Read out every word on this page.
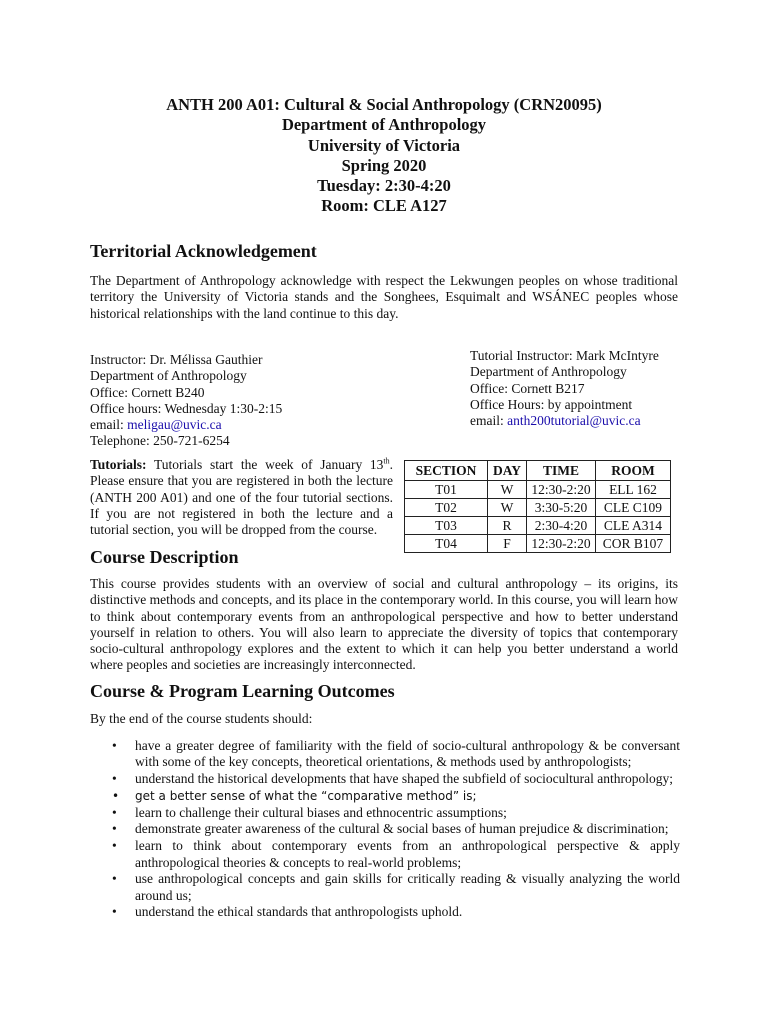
ANTH 200 A01: Cultural & Social Anthropology (CRN20095)
Department of Anthropology
University of Victoria
Spring 2020
Tuesday: 2:30-4:20
Room: CLE A127
Territorial Acknowledgement

The Department of Anthropology acknowledge with respect the Lekwungen peoples on whose traditional territory the University of Victoria stands and the Songhees, Esquimalt and WSÁNEC peoples whose historical relationships with the land continue to this day.

Instructor: Dr. Mélissa Gauthier
Department of Anthropology
Office: Cornett B240
Office hours: Wednesday 1:30-2:15
email: meligau@uvic.ca
Telephone: 250-721-6254
Tutorial Instructor: Mark McIntyre
Department of Anthropology
Office: Cornett B217
Office Hours: by appointment
email: anth200tutorial@uvic.ca
Tutorials: Tutorials start the week of January 13th. Please ensure that you are registered in both the lecture (ANTH 200 A01) and one of the four tutorial sections. If you are not registered in both the lecture and a tutorial section, you will be dropped from the course.
SECTION	DAY	TIME	ROOM
T01	W	12:30-2:20	ELL 162
T02	W	3:30-5:20	CLE C109
T03	R	2:30-4:20	CLE A314
T04	F	12:30-2:20	COR B107
Course Description

This course provides students with an overview of social and cultural anthropology – its origins, its distinctive methods and concepts, and its place in the contemporary world. In this course, you will learn how to think about contemporary events from an anthropological perspective and how to better understand yourself in relation to others. You will also learn to appreciate the diversity of topics that contemporary socio-cultural anthropology explores and the extent to which it can help you better understand a world where peoples and societies are increasingly interconnected.

Course & Program Learning Outcomes

By the end of the course students should:

• have a greater degree of familiarity with the field of socio-cultural anthropology & be conversant with some of the key concepts, theoretical orientations, & methods used by anthropologists;
• understand the historical developments that have shaped the subfield of sociocultural anthropology;
• get a better sense of what the “comparative method” is;
• learn to challenge their cultural biases and ethnocentric assumptions;
• demonstrate greater awareness of the cultural & social bases of human prejudice & discrimination;
• learn to think about contemporary events from an anthropological perspective & apply anthropological theories & concepts to real-world problems;
• use anthropological concepts and gain skills for critically reading & visually analyzing the world around us;
• understand the ethical standards that anthropologists uphold.
